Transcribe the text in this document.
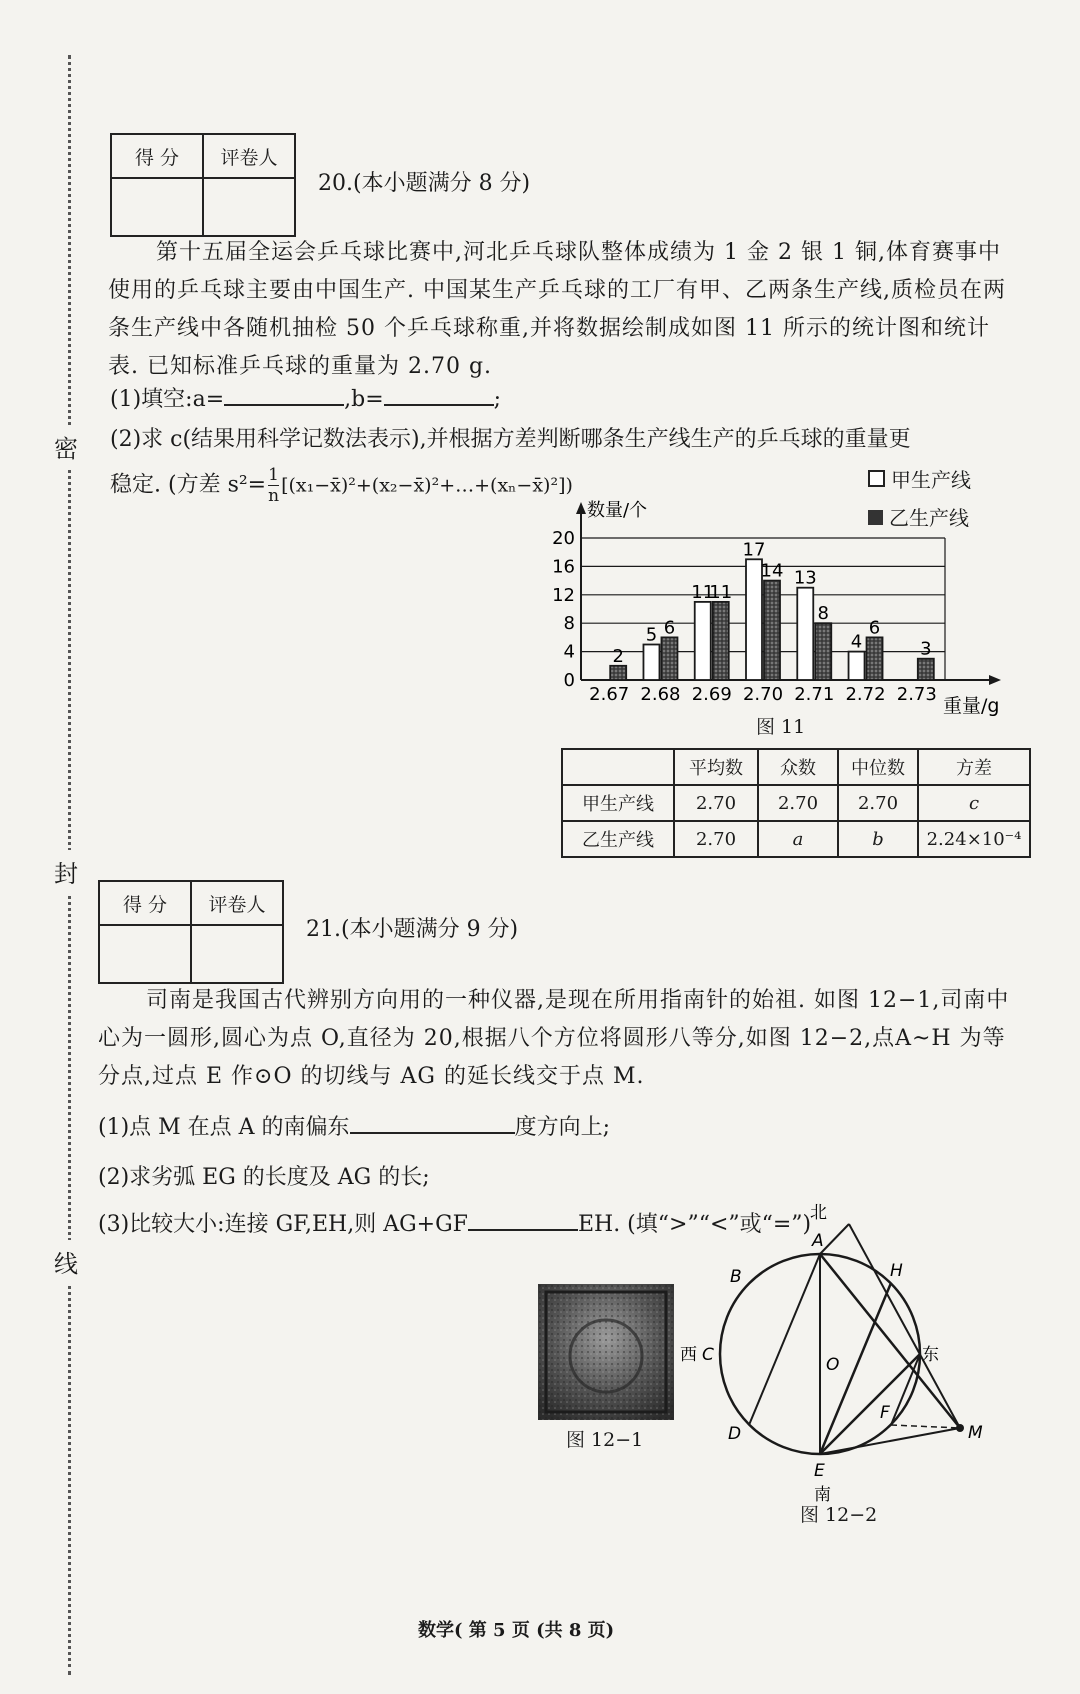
密
封
线
得 分	评卷人

20.(本小题满分 8 分)
第十五届全运会乒乓球比赛中,河北乒乓球队整体成绩为 1 金 2 银 1 铜,体育赛事中使用的乒乓球主要由中国生产. 中国某生产乒乓球的工厂有甲、乙两条生产线,质检员在两条生产线中各随机抽检 50 个乒乓球称重,并将数据绘制成如图 11 所示的统计图和统计表. 已知标准乒乓球的重量为 2.70 g.
(1)填空:a=	,b=	;
(2)求 c(结果用科学记数法表示),并根据方差判断哪条生产线生产的乒乓球的重量更
稳定. (方差 $s^2= \frac{1}{n}$ [(x₁−x̄)²+(x₂−x̄)²+…+(xₙ−x̄)²])	甲生产线
乙生产线
0
4
8
12
16
20
数量/个
重量/g
2.67
2
2.68
5 6
2.69
11
11
2.70
17
14
2.71
13
8
2.72
4
6
2.73
3
图 11
	平均数	众数	中位数	方差
甲生产线	2.70	2.70	2.70	c
乙生产线	2.70	a	b	2.24×10⁻⁴
得 分	评卷人

21.(本小题满分 9 分)
司南是我国古代辨别方向用的一种仪器,是现在所用指南针的始祖. 如图 12−1,司南中心为一圆形,圆心为点 O,直径为 20,根据八个方位将圆形八等分,如图 12−2,点A~H 为等分点,过点 E 作⊙O 的切线与 AG 的延长线交于点 M.
(1)点 M 在点 A 的南偏东	度方向上;
(2)求劣弧 EG 的长度及 AG 的长;
(3)比较大小:连接 GF,EH,则 AG+GF	EH. (填“>”“<”或“=”)
图 12−1
A
B
C
D
E
F
H
O
M
北
南
西	东
图 12−2
数学( 第 5 页 (共 8 页)
